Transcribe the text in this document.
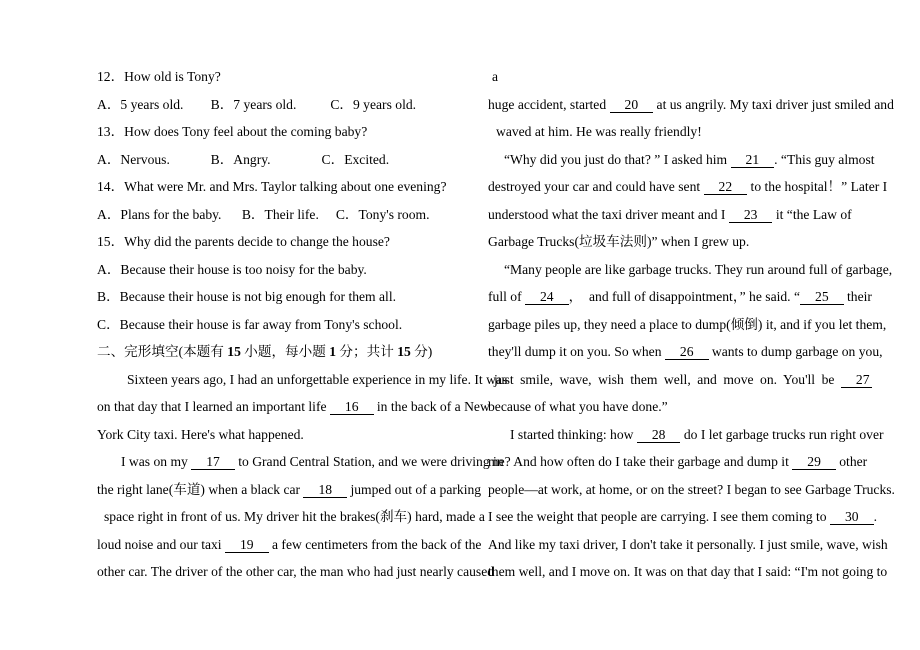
12．How old is Tony?
A．5 years old.        B．7 years old.          C．9 years old.
13．How does Tony feel about the coming baby?
A．Nervous.            B．Angry.               C．Excited.
14．What were Mr. and Mrs. Taylor talking about one evening?
A．Plans for the baby.      B．Their life.     C．Tony's room.
15．Why did the parents decide to change the house?
A．Because their house is too noisy for the baby.
B．Because their house is not big enough for them all.
C．Because their house is far away from Tony's school.
二、完形填空(本题有 15 小题，每小题 1 分；共计 15 分)
Sixteen years ago, I had an unforgettable experience in my life. It was
on that day that I learned an important life 16 in the back of a New
York City taxi. Here's what happened.
I was on my 17 to Grand Central Station, and we were driving in
the right lane(车道) when a black car 18 jumped out of a parking
space right in front of us. My driver hit the brakes(刹车) hard, made a
loud noise and our taxi 19 a few centimeters from the back of the
other car. The driver of the other car, the man who had just nearly caused
a
huge accident, started 20 at us angrily. My taxi driver just smiled and
waved at him. He was really friendly!
“Why did you just do that? ” I asked him 21 . “This guy almost
destroyed your car and could have sent 22 to the hospital！” Later I
understood what the taxi driver meant and I 23 it “the Law of
Garbage Trucks(垃圾车法则)” when I grew up.
“Many people are like garbage trucks. They run around full of garbage,
full of 24 ，  and full of disappointment，” he said. “ 25 their
garbage piles up, they need a place to dump(倾倒) it, and if you let them,
they'll dump it on you. So when 26 wants to dump garbage on you,
just smile, wave, wish them well, and move on. You'll be 27
because of what you have done.”
I started thinking: how 28 do I let garbage trucks run right over
me? And how often do I take their garbage and dump it 29 other
people—at work, at home, or on the street? I began to see Garbage Trucks.
I see the weight that people are carrying. I see them coming to 30 .
And like my taxi driver, I don't take it personally. I just smile, wave, wish
them well, and I move on. It was on that day that I said: “I'm not going to
